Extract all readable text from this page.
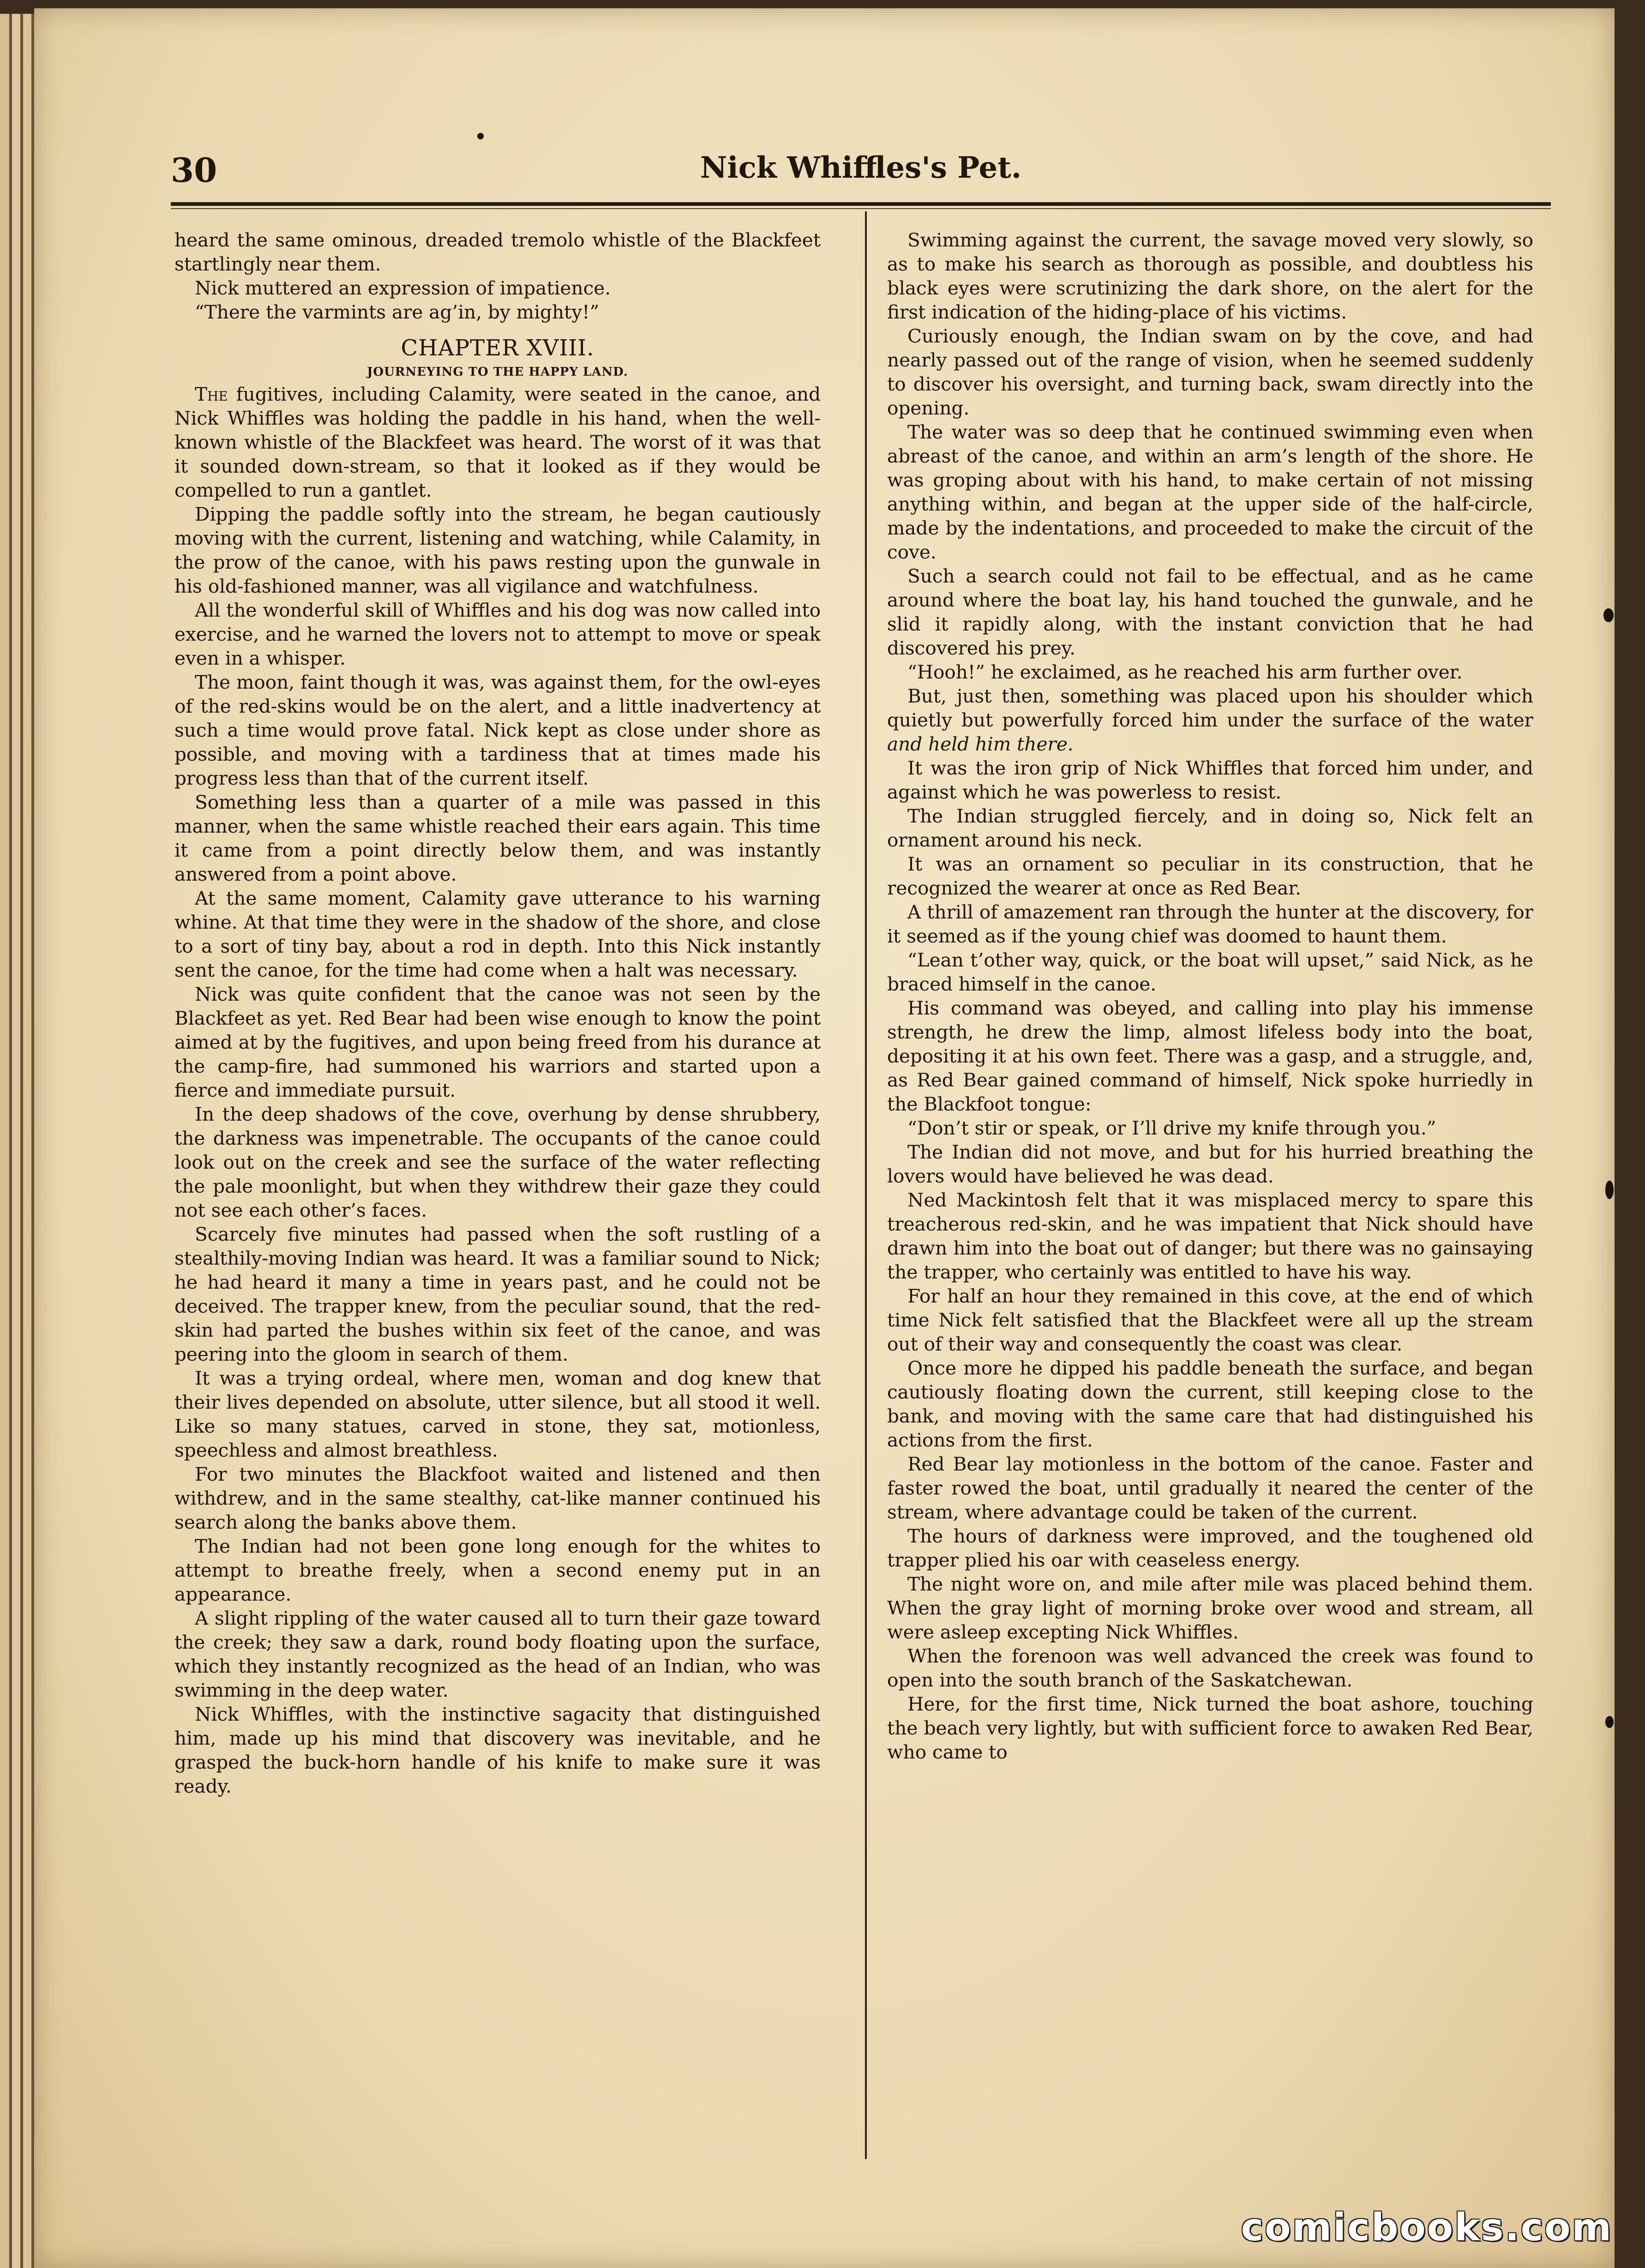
30	Nick Whiffles's Pet.

heard the same ominous, dreaded tremolo whistle of the Blackfeet startlingly near them.

Nick muttered an expression of impatience.

“There the varmints are ag’in, by mighty!”

CHAPTER XVIII.
JOURNEYING TO THE HAPPY LAND.

The fugitives, including Calamity, were seated in the canoe, and Nick Whiffles was holding the paddle in his hand, when the well-known whistle of the Blackfeet was heard. The worst of it was that it sounded down-stream, so that it looked as if they would be compelled to run a gantlet.

Dipping the paddle softly into the stream, he began cautiously moving with the current, listening and watching, while Calamity, in the prow of the canoe, with his paws resting upon the gunwale in his old-fashioned manner, was all vigilance and watchfulness.

All the wonderful skill of Whiffles and his dog was now called into exercise, and he warned the lovers not to attempt to move or speak even in a whisper.

The moon, faint though it was, was against them, for the owl-eyes of the red-skins would be on the alert, and a little inadvertency at such a time would prove fatal. Nick kept as close under shore as possible, and moving with a tardiness that at times made his progress less than that of the current itself.

Something less than a quarter of a mile was passed in this manner, when the same whistle reached their ears again. This time it came from a point directly below them, and was instantly answered from a point above.

At the same moment, Calamity gave utterance to his warning whine. At that time they were in the shadow of the shore, and close to a sort of tiny bay, about a rod in depth. Into this Nick instantly sent the canoe, for the time had come when a halt was necessary.

Nick was quite confident that the canoe was not seen by the Blackfeet as yet. Red Bear had been wise enough to know the point aimed at by the fugitives, and upon being freed from his durance at the camp-fire, had summoned his warriors and started upon a fierce and immediate pursuit.

In the deep shadows of the cove, overhung by dense shrubbery, the darkness was impenetrable. The occupants of the canoe could look out on the creek and see the surface of the water reflecting the pale moonlight, but when they withdrew their gaze they could not see each other’s faces.

Scarcely five minutes had passed when the soft rustling of a stealthily-moving Indian was heard. It was a familiar sound to Nick; he had heard it many a time in years past, and he could not be deceived. The trapper knew, from the peculiar sound, that the red-skin had parted the bushes within six feet of the canoe, and was peering into the gloom in search of them.

It was a trying ordeal, where men, woman and dog knew that their lives depended on absolute, utter silence, but all stood it well. Like so many statues, carved in stone, they sat, motionless, speechless and almost breathless.

For two minutes the Blackfoot waited and listened and then withdrew, and in the same stealthy, cat-like manner continued his search along the banks above them.

The Indian had not been gone long enough for the whites to attempt to breathe freely, when a second enemy put in an appearance.

A slight rippling of the water caused all to turn their gaze toward the creek; they saw a dark, round body floating upon the surface, which they instantly recognized as the head of an Indian, who was swimming in the deep water.

Nick Whiffles, with the instinctive sagacity that distinguished him, made up his mind that discovery was inevitable, and he grasped the buck-horn handle of his knife to make sure it was ready.

Swimming against the current, the savage moved very slowly, so as to make his search as thorough as possible, and doubtless his black eyes were scrutinizing the dark shore, on the alert for the first indication of the hiding-place of his victims.

Curiously enough, the Indian swam on by the cove, and had nearly passed out of the range of vision, when he seemed suddenly to discover his oversight, and turning back, swam directly into the opening.

The water was so deep that he continued swimming even when abreast of the canoe, and within an arm’s length of the shore. He was groping about with his hand, to make certain of not missing anything within, and began at the upper side of the half-circle, made by the indentations, and proceeded to make the circuit of the cove.

Such a search could not fail to be effectual, and as he came around where the boat lay, his hand touched the gunwale, and he slid it rapidly along, with the instant conviction that he had discovered his prey.

“Hooh!” he exclaimed, as he reached his arm further over.

But, just then, something was placed upon his shoulder which quietly but powerfully forced him under the surface of the water and held him there.

It was the iron grip of Nick Whiffles that forced him under, and against which he was powerless to resist.

The Indian struggled fiercely, and in doing so, Nick felt an ornament around his neck.

It was an ornament so peculiar in its construction, that he recognized the wearer at once as Red Bear.

A thrill of amazement ran through the hunter at the discovery, for it seemed as if the young chief was doomed to haunt them.

“Lean t’other way, quick, or the boat will upset,” said Nick, as he braced himself in the canoe.

His command was obeyed, and calling into play his immense strength, he drew the limp, almost lifeless body into the boat, depositing it at his own feet. There was a gasp, and a struggle, and, as Red Bear gained command of himself, Nick spoke hurriedly in the Blackfoot tongue:

“Don’t stir or speak, or I’ll drive my knife through you.”

The Indian did not move, and but for his hurried breathing the lovers would have believed he was dead.

Ned Mackintosh felt that it was misplaced mercy to spare this treacherous red-skin, and he was impatient that Nick should have drawn him into the boat out of danger; but there was no gainsaying the trapper, who certainly was entitled to have his way.

For half an hour they remained in this cove, at the end of which time Nick felt satisfied that the Blackfeet were all up the stream out of their way and consequently the coast was clear.

Once more he dipped his paddle beneath the surface, and began cautiously floating down the current, still keeping close to the bank, and moving with the same care that had distinguished his actions from the first.

Red Bear lay motionless in the bottom of the canoe. Faster and faster rowed the boat, until gradually it neared the center of the stream, where advantage could be taken of the current.

The hours of darkness were improved, and the toughened old trapper plied his oar with ceaseless energy.

The night wore on, and mile after mile was placed behind them. When the gray light of morning broke over wood and stream, all were asleep excepting Nick Whiffles.

When the forenoon was well advanced the creek was found to open into the south branch of the Saskatchewan.

Here, for the first time, Nick turned the boat ashore, touching the beach very lightly, but with sufficient force to awaken Red Bear, who came to

comicbooks.com
